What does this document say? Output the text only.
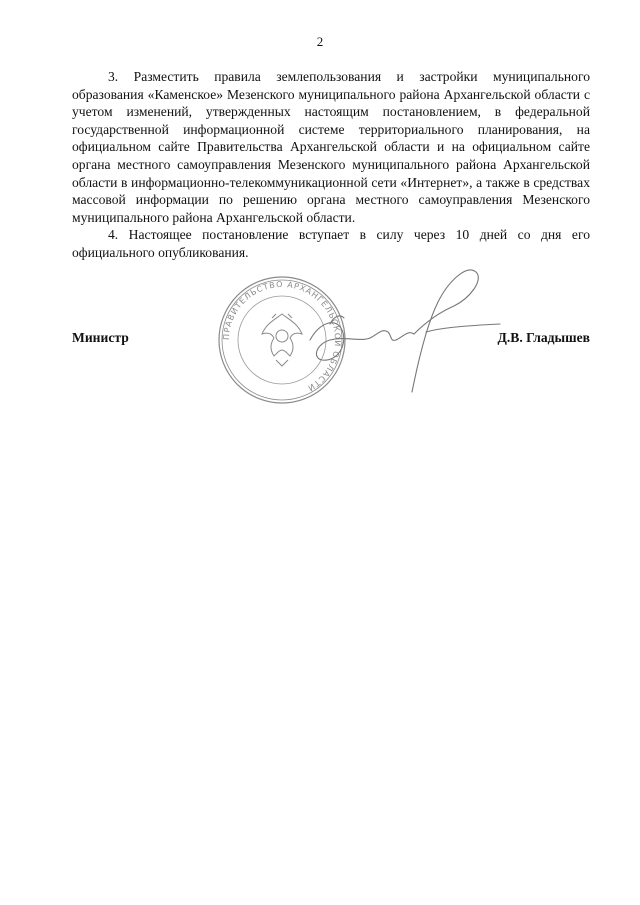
2

3. Разместить правила землепользования и застройки муниципального образования «Каменское» Мезенского муниципального района Архангельской области с учетом изменений, утвержденных настоящим постановлением, в федеральной государственной информационной системе территориального планирования, на официальном сайте Правительства Архангельской области и на официальном сайте органа местного самоуправления Мезенского муниципального района Архангельской области в информационно-телекоммуникационной сети «Интернет», а также в средствах массовой информации по решению органа местного самоуправления Мезенского муниципального района Архангельской области.

4. Настоящее постановление вступает в силу через 10 дней со дня его официального опубликования.

ПРАВИТЕЛЬСТВО АРХАНГЕЛЬСКОЙ ОБЛАСТИ
Министр	Д.В. Гладышев
